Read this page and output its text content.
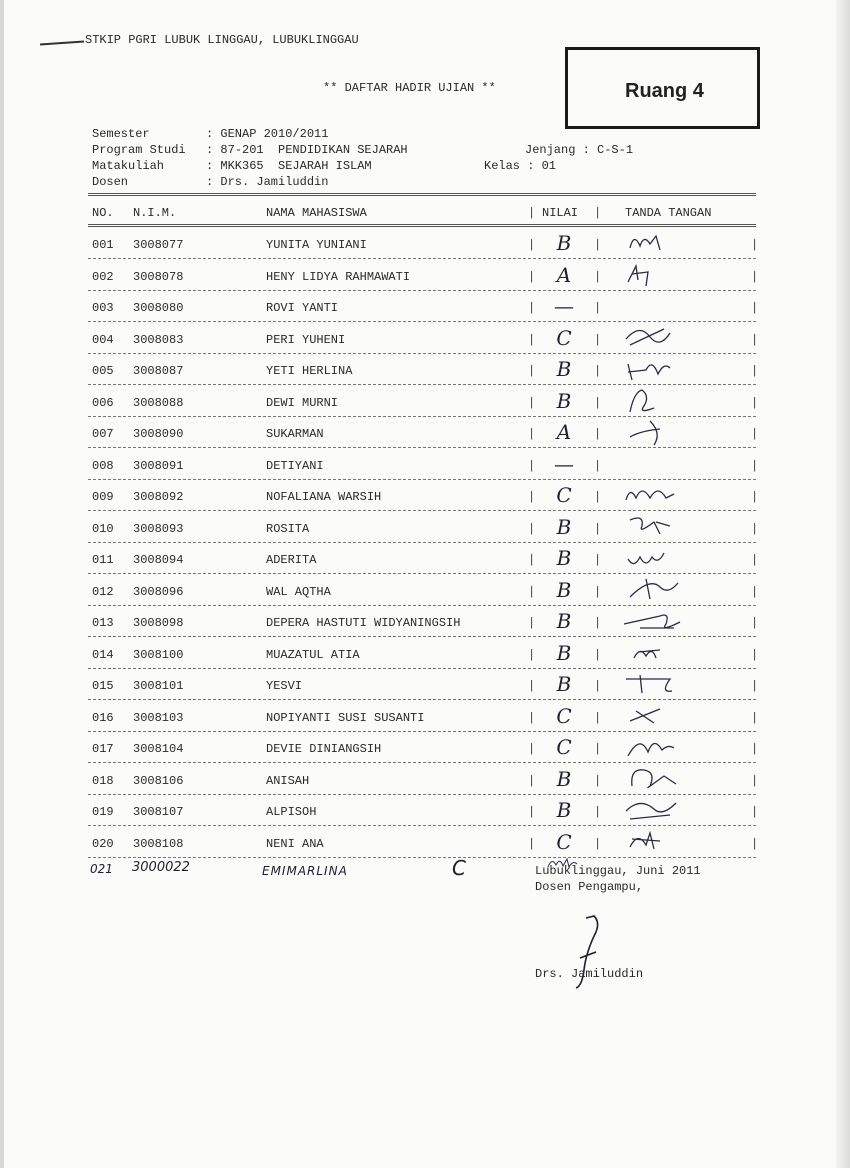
STKIP PGRI LUBUK LINGGAU, LUBUKLINGGAU
** DAFTAR HADIR UJIAN **	Ruang 4
Semester	: GENAP 2010/2011
Program Studi : 87-201  PENDIDIKAN SEJARAH	Jenjang : C-S-1
Matakuliah	: MKK365  SEJARAH ISLAM	Kelas : 01
Dosen	: Drs. Jamiluddin
NO. N.I.M.	NAMA MAHASISWA	| NILAI | TANDA TANGAN
001 3008077	YUNITA YUNIANI	|	B	|	|
002 3008078	HENY LIDYA RAHMAWATI	|	A	|	|
003 3008080	ROVI YANTI	| —	|	|
004 3008083	PERI YUHENI	|	C	|	|
005 3008087	YETI HERLINA	|	B	|	|
006 3008088	DEWI MURNI	|	B	|	|
007 3008090	SUKARMAN	|	A	|	|
008 3008091	DETIYANI	| —	|	|
009 3008092	NOFALIANA WARSIH	|	C	|	|
010 3008093	ROSITA	|	B	|	|
011 3008094	ADERITA	|	B	|	|
012 3008096	WAL AQTHA	|	B	|	|
013 3008098	DEPERA HASTUTI WIDYANINGSIH	|	B	|	|
014 3008100	MUAZATUL ATIA	|	B	|	|
015 3008101	YESVI	|	B	|	|
016 3008103	NOPIYANTI SUSI SUSANTI	|	C	|	|
017 3008104	DEVIE DINIANGSIH	|	C	|	|
018 3008106	ANISAH	|	B	|	|
019 3008107	ALPISOH	|	B	|	|
020 3008108	NENI ANA	|	C	|	|
021 3000022	EMIMARLINA	C	Lubuklinggau, Juni 2011
Dosen Pengampu,
Drs. Jamiluddin
